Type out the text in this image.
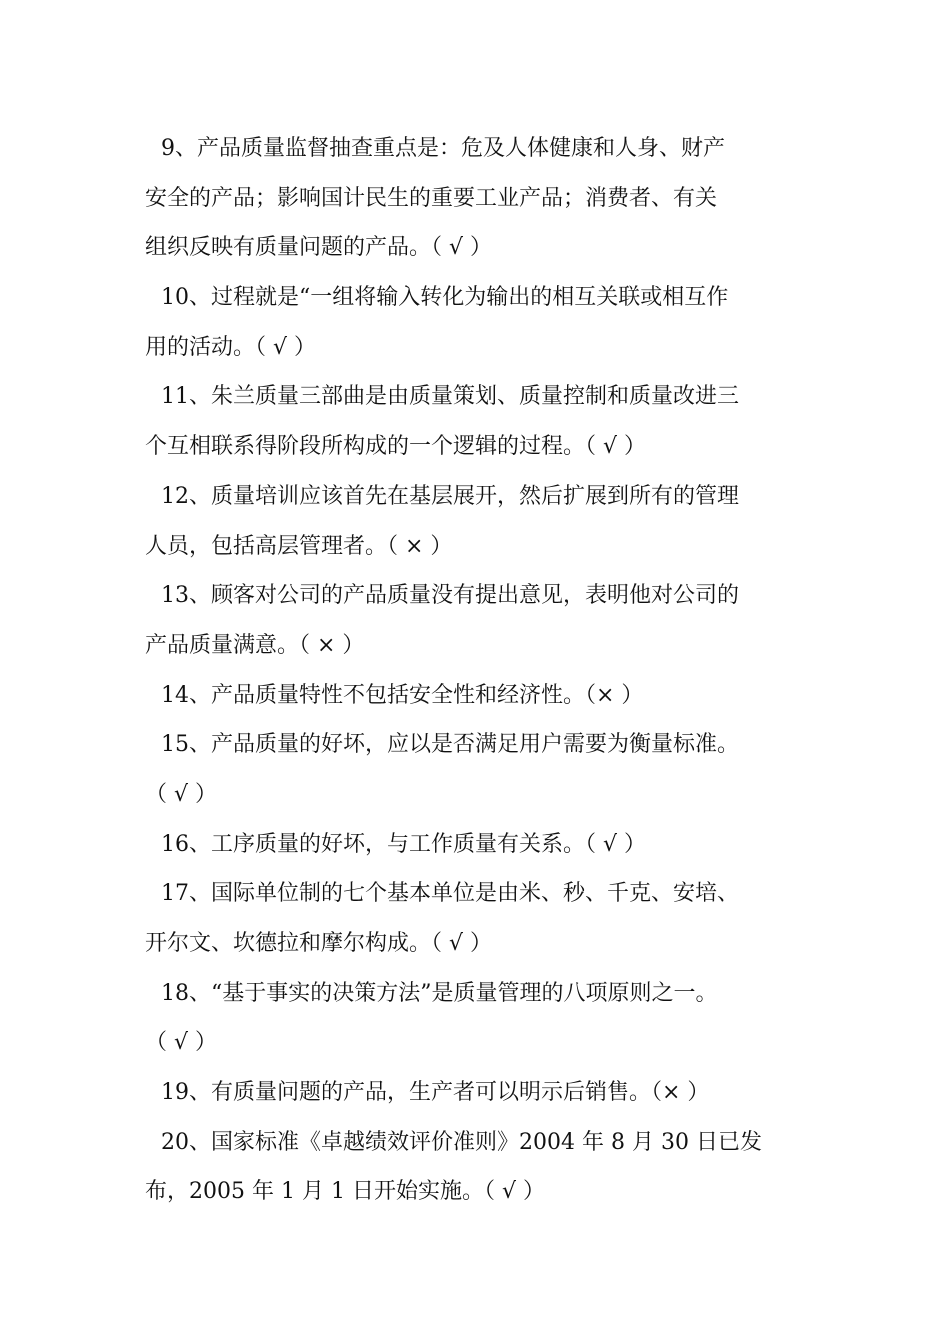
9、产品质量监督抽查重点是：危及人体健康和人身、财产
安全的产品；影响国计民生的重要工业产品；消费者、有关
组织反映有质量问题的产品。（ √ ）
10、过程就是“一组将输入转化为输出的相互关联或相互作
用的活动。（ √ ）
11、朱兰质量三部曲是由质量策划、质量控制和质量改进三
个互相联系得阶段所构成的一个逻辑的过程。（ √ ）
12、质量培训应该首先在基层展开，然后扩展到所有的管理
人员，包括高层管理者。（ × ）
13、顾客对公司的产品质量没有提出意见，表明他对公司的
产品质量满意。（ × ）
14、产品质量特性不包括安全性和经济性。（× ）
15、产品质量的好坏，应以是否满足用户需要为衡量标准。
（ √ ）
16、工序质量的好坏，与工作质量有关系。（ √ ）
17、国际单位制的七个基本单位是由米、秒、千克、安培、
开尔文、坎德拉和摩尔构成。（ √ ）
18、“基于事实的决策方法”是质量管理的八项原则之一。
（ √ ）
19、有质量问题的产品，生产者可以明示后销售。（× ）
20、国家标准《卓越绩效评价准则》2004 年 8 月 30 日已发
布，2005 年 1 月 1 日开始实施。（ √ ）
